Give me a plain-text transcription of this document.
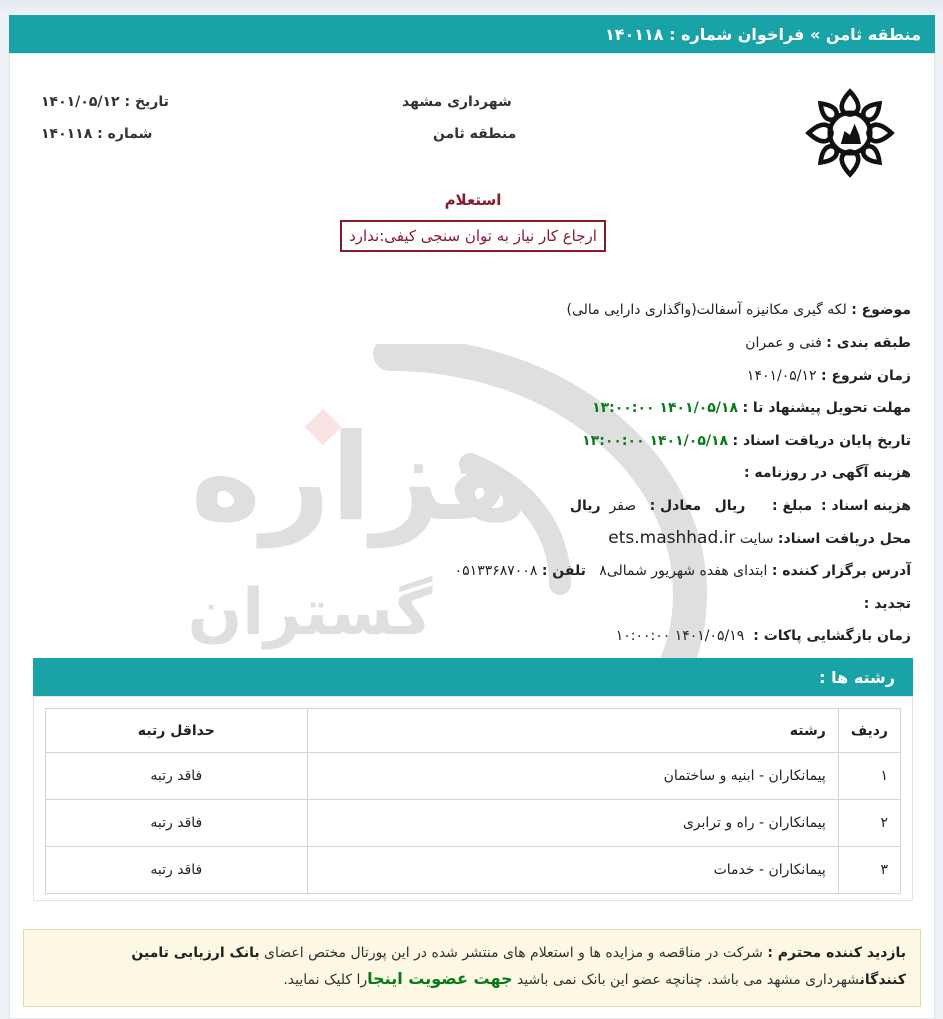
منطقه ثامن » فراخوان شماره : ۱۴۰۱۱۸
هزاره
گستران
شهرداری مشهد
منطقه ثامن
تاریخ : ۱۴۰۱/۰۵/۱۲
شماره : ۱۴۰۱۱۸
استعلام
ارجاع کار نیاز به توان سنجی کیفی:ندارد
موضوع : لکه گیری مکانیزه آسفالت(واگذاری دارایی مالی)
طبقه بندی : فنی و عمران
زمان شروع : ۱۴۰۱/۰۵/۱۲
مهلت تحویل پیشنهاد تا : ۱۴۰۱/۰۵/۱۸ ۱۳:۰۰:۰۰
تاریخ پایان دریافت اسناد : ۱۴۰۱/۰۵/۱۸ ۱۳:۰۰:۰۰
هزینه آگهی در روزنامه :
هزینه اسناد :  مبلغ :      ریال   معادل :   صفر  ریال
محل دریافت اسناد: سایت ets.mashhad.ir
آدرس برگزار کننده : ابتدای هفده شهریور شمالی۸   تلفن : ۰۵۱۳۳۶۸۷۰۰۸
تجدید :
زمان بازگشایی پاکات :  ۱۴۰۱/۰۵/۱۹ ۱۰:۰۰:۰۰
رشته ها :
ردیف	رشته	حداقل رتبه
۱	پیمانکاران - ابنیه و ساختمان	فاقد رتبه
۲	پیمانکاران - راه و ترابری	فاقد رتبه
۳	پیمانکاران - خدمات	فاقد رتبه
بازدید کننده محترم : شرکت در مناقصه و مزایده ها و استعلام های منتشر شده در این پورتال مختص اعضای بانک ارزیابی تامین کنندگانشهرداری مشهد می باشد. چنانچه عضو این بانک نمی باشید جهت عضویت اینجارا کلیک نمایید.
